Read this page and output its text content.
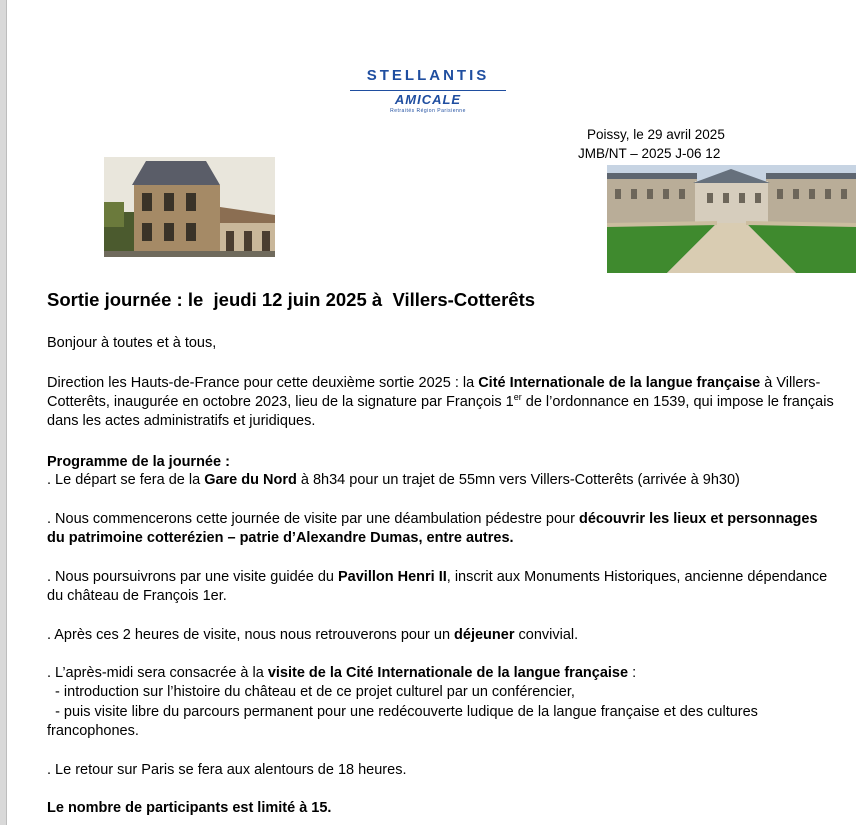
STELLANTIS
AMICALE
Retraités Région Parisienne
Poissy, le 29 avril 2025
JMB/NT – 2025 J-06 12
Sortie journée : le  jeudi 12 juin 2025 à  Villers-Cotterêts
Bonjour à toutes et à tous,
Direction les Hauts-de-France pour cette deuxième sortie 2025 : la Cité Internationale de la langue française à Villers-Cotterêts, inaugurée en octobre 2023, lieu de la signature par François 1er de l’ordonnance en 1539, qui impose le français dans les actes administratifs et juridiques.
Programme de la journée :
. Le départ se fera de la Gare du Nord à 8h34 pour un trajet de 55mn vers Villers-Cotterêts (arrivée à 9h30)
. Nous commencerons cette journée de visite par une déambulation pédestre pour découvrir les lieux et personnages du patrimoine cotterézien – patrie d’Alexandre Dumas, entre autres.
. Nous poursuivrons par une visite guidée du Pavillon Henri II, inscrit aux Monuments Historiques, ancienne dépendance du château de François 1er.
. Après ces 2 heures de visite, nous nous retrouverons pour un déjeuner convivial.
. L’après-midi sera consacrée à la visite de la Cité Internationale de la langue française :
- introduction sur l’histoire du château et de ce projet culturel par un conférencier,
- puis visite libre du parcours permanent pour une redécouverte ludique de la langue française et des cultures francophones.
. Le retour sur Paris se fera aux alentours de 18 heures.
Le nombre de participants est limité à 15.
